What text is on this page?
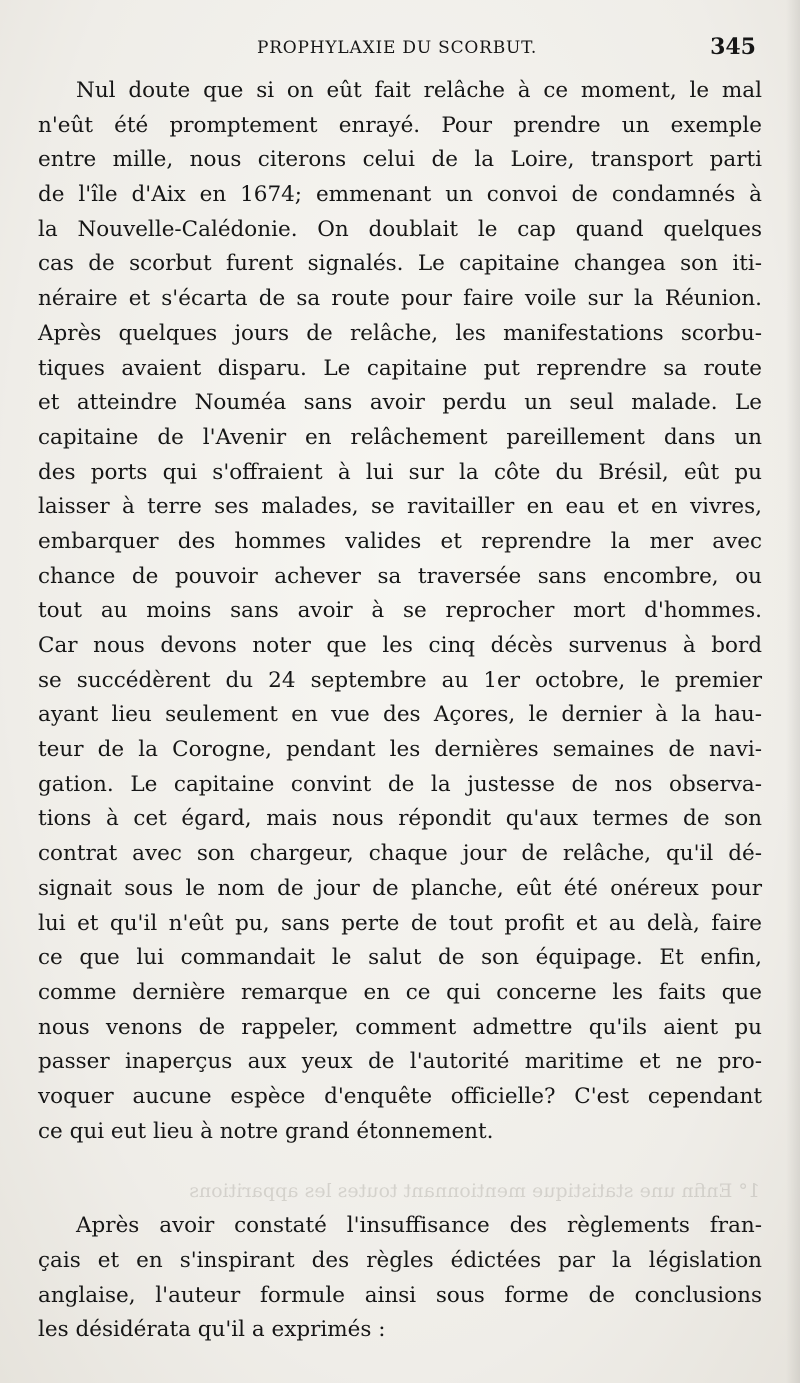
PROPHYLAXIE DU SCORBUT.	345
Nul doute que si on eût fait relâche à ce moment, le mal
n'eût été promptement enrayé. Pour prendre un exemple
entre mille, nous citerons celui de la Loire, transport parti
de l'île d'Aix en 1674; emmenant un convoi de condamnés à
la Nouvelle-Calédonie. On doublait le cap quand quelques
cas de scorbut furent signalés. Le capitaine changea son iti-
néraire et s'écarta de sa route pour faire voile sur la Réunion.
Après quelques jours de relâche, les manifestations scorbu-
tiques avaient disparu. Le capitaine put reprendre sa route
et atteindre Nouméa sans avoir perdu un seul malade. Le
capitaine de l'Avenir en relâchement pareillement dans un
des ports qui s'offraient à lui sur la côte du Brésil, eût pu
laisser à terre ses malades, se ravitailler en eau et en vivres,
embarquer des hommes valides et reprendre la mer avec
chance de pouvoir achever sa traversée sans encombre, ou
tout au moins sans avoir à se reprocher mort d'hommes.
Car nous devons noter que les cinq décès survenus à bord
se succédèrent du 24 septembre au 1er octobre, le premier
ayant lieu seulement en vue des Açores, le dernier à la hau-
teur de la Corogne, pendant les dernières semaines de navi-
gation. Le capitaine convint de la justesse de nos observa-
tions à cet égard, mais nous répondit qu'aux termes de son
contrat avec son chargeur, chaque jour de relâche, qu'il dé-
signait sous le nom de jour de planche, eût été onéreux pour
lui et qu'il n'eût pu, sans perte de tout profit et au delà, faire
ce que lui commandait le salut de son équipage. Et enfin,
comme dernière remarque en ce qui concerne les faits que
nous venons de rappeler, comment admettre qu'ils aient pu
passer inaperçus aux yeux de l'autorité maritime et ne pro-
voquer aucune espèce d'enquête officielle? C'est cependant
ce qui eut lieu à notre grand étonnement.
Après avoir constaté l'insuffisance des règlements fran-
çais et en s'inspirant des règles édictées par la législation
anglaise, l'auteur formule ainsi sous forme de conclusions
les désidérata qu'il a exprimés :
1° Enfin une statistique mentionnant toutes les apparitions
